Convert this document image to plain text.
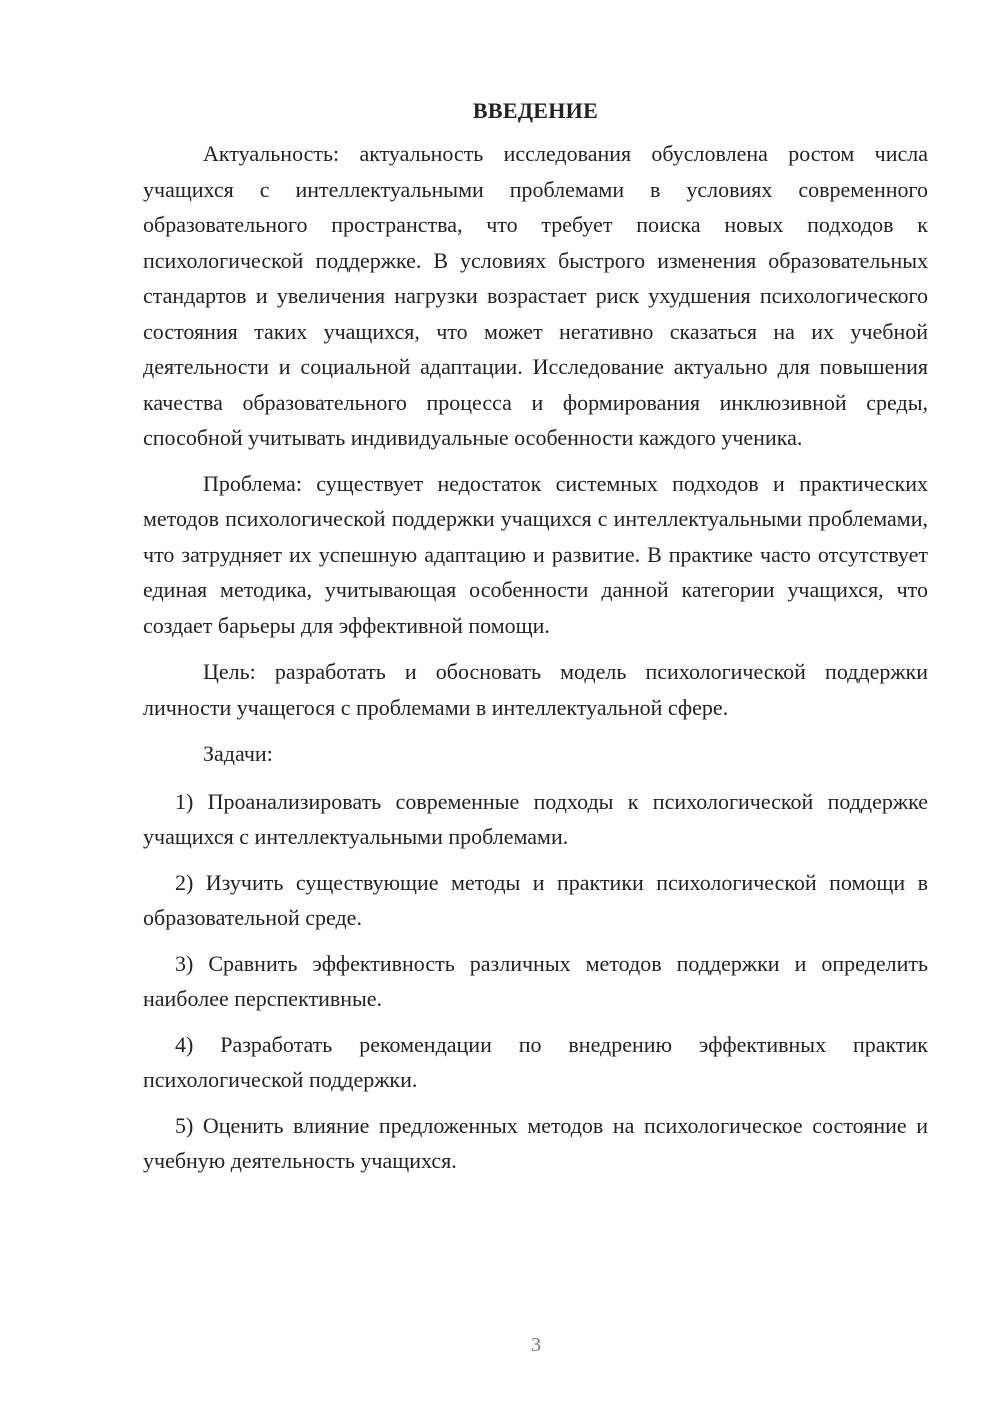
ВВЕДЕНИЕ

Актуальность: актуальность исследования обусловлена ростом числа учащихся с интеллектуальными проблемами в условиях современного образовательного пространства, что требует поиска новых подходов к психологической поддержке. В условиях быстрого изменения образовательных стандартов и увеличения нагрузки возрастает риск ухудшения психологического состояния таких учащихся, что может негативно сказаться на их учебной деятельности и социальной адаптации. Исследование актуально для повышения качества образовательного процесса и формирования инклюзивной среды, способной учитывать индивидуальные особенности каждого ученика.

Проблема: существует недостаток системных подходов и практических методов психологической поддержки учащихся с интеллектуальными проблемами, что затрудняет их успешную адаптацию и развитие. В практике часто отсутствует единая методика, учитывающая особенности данной категории учащихся, что создает барьеры для эффективной помощи.

Цель: разработать и обосновать модель психологической поддержки личности учащегося с проблемами в интеллектуальной сфере.

Задачи:

1) Проанализировать современные подходы к психологической поддержке учащихся с интеллектуальными проблемами.

2) Изучить существующие методы и практики психологической помощи в образовательной среде.

3) Сравнить эффективность различных методов поддержки и определить наиболее перспективные.

4) Разработать рекомендации по внедрению эффективных практик психологической поддержки.

5) Оценить влияние предложенных методов на психологическое состояние и учебную деятельность учащихся.

3
